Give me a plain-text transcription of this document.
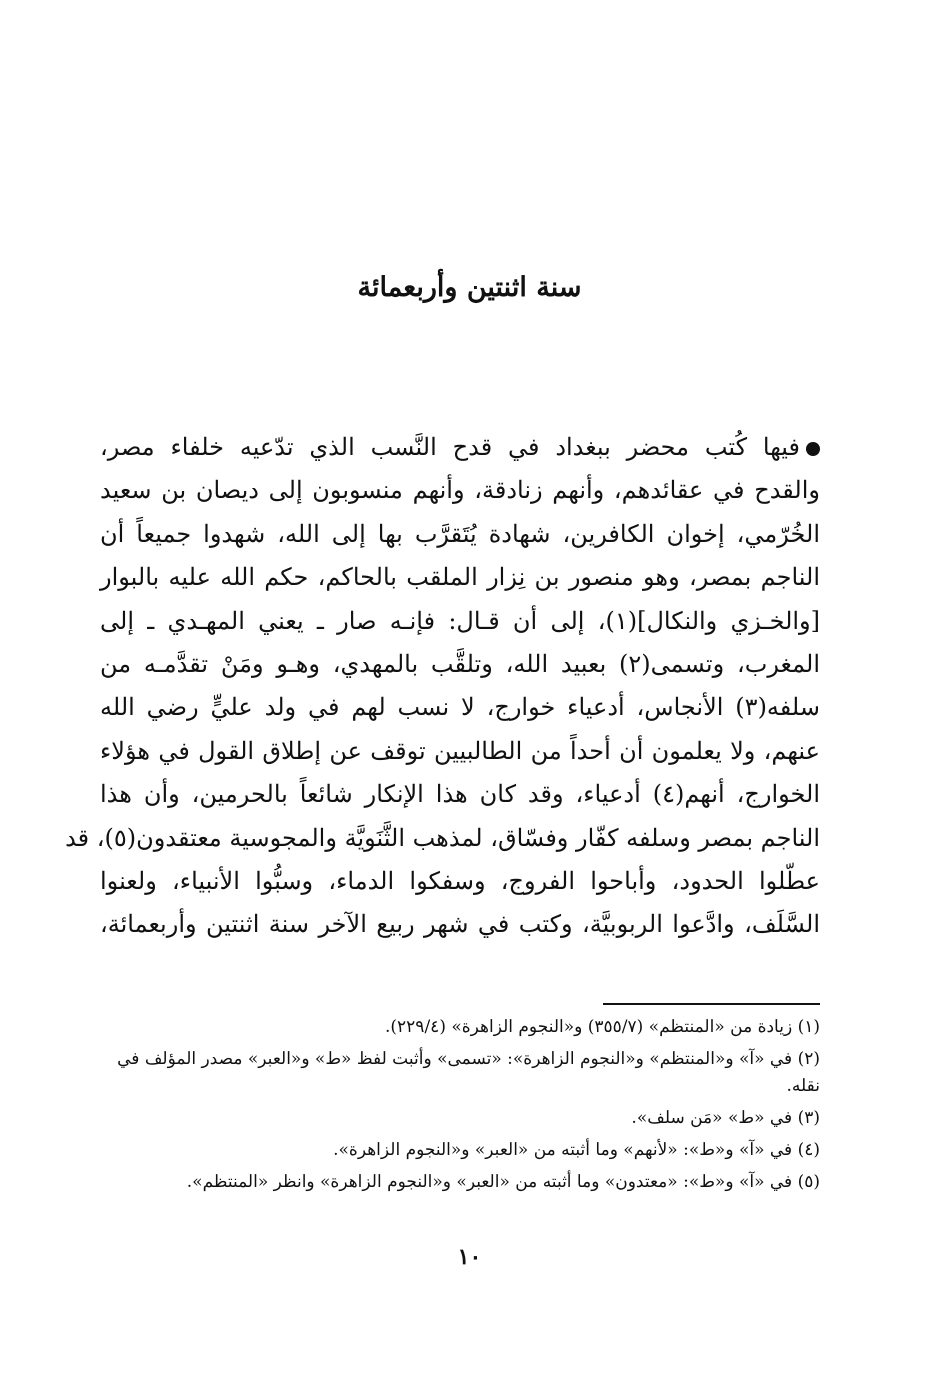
سنة اثنتين وأربعمائة
فيها كُتب محضر ببغداد في قدح النَّسب الذي تدّعيه خلفاء مصر،
والقدح في عقائدهم، وأنهم زنادقة، وأنهم منسوبون إلى ديصان بن سعيد
الخُرّمي، إخوان الكافرين، شهادة يُتَقرَّب بها إلى الله، شهدوا جميعاً أن
الناجم بمصر، وهو منصور بن نِزار الملقب بالحاكم، حكم الله عليه بالبوار
[والخـزي والنكال](١)، إلى أن قـال: فإنـه صار ـ يعني المهـدي ـ إلى
المغرب، وتسمى(٢) بعبيد الله، وتلقَّب بالمهدي، وهـو ومَنْ تقدَّمـه من
سلفه(٣) الأنجاس، أدعياء خوارج، لا نسب لهم في ولد عليٍّ رضي الله
عنهم، ولا يعلمون أن أحداً من الطالبيين توقف عن إطلاق القول في هؤلاء
الخوارج، أنهم(٤) أدعياء، وقد كان هذا الإنكار شائعاً بالحرمين، وأن هذا
الناجم بمصر وسلفه كفّار وفسّاق، لمذهب الثَّنَويَّة والمجوسية معتقدون(٥)، قد
عطّلوا الحدود، وأباحوا الفروج، وسفكوا الدماء، وسبُّوا الأنبياء، ولعنوا
السَّلَف، وادَّعوا الربوبيَّة، وكتب في شهر ربيع الآخر سنة اثنتين وأربعمائة،
(١) زيادة من «المنتظم» (٣٥٥/٧) و«النجوم الزاهرة» (٢٢٩/٤).
(٢) في «آ» و«المنتظم» و«النجوم الزاهرة»: «تسمى» وأثبت لفظ «ط» و«العبر» مصدر المؤلف في
نقله.
(٣) في «ط» «مَن سلف».
(٤) في «آ» و«ط»: «لأنهم» وما أثبته من «العبر» و«النجوم الزاهرة».
(٥) في «آ» و«ط»: «معتدون» وما أثبته من «العبر» و«النجوم الزاهرة» وانظر «المنتظم».
١٠
